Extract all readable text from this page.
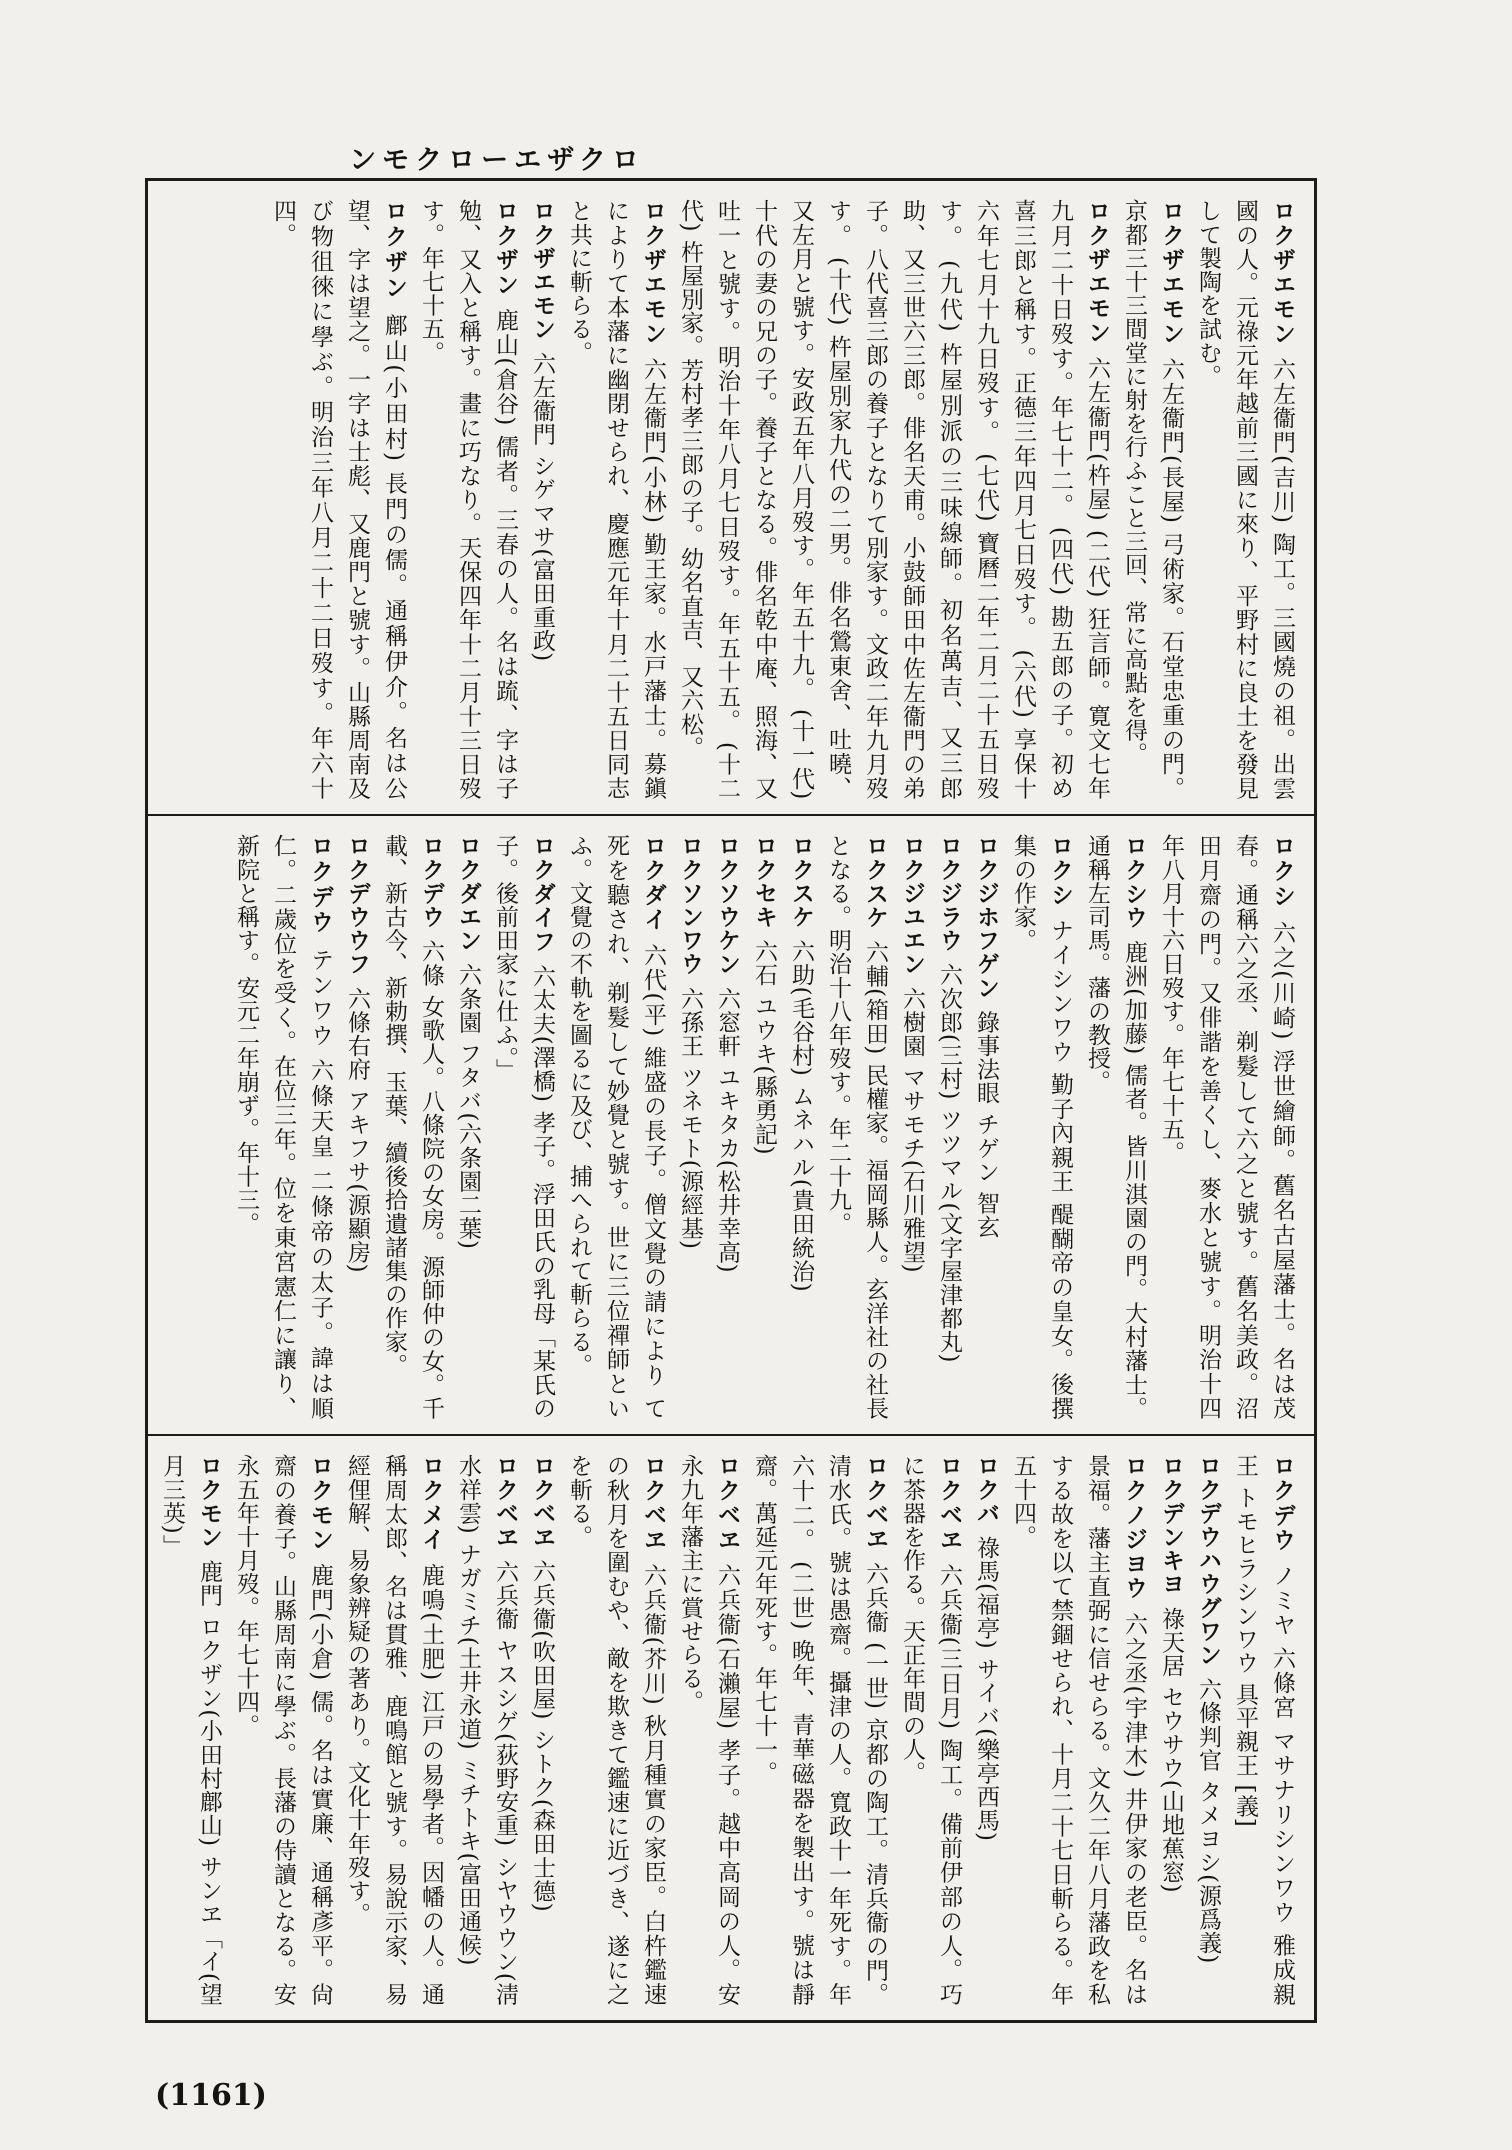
ロクザエーロクモン

ロクザエモン 六左衞門(吉川) 陶工。三國燒の祖。出雲國の人。元祿元年越前三國に來り、平野村に良土を發見して製陶を試む。

ロクザエモン 六左衞門(長屋) 弓術家。石堂忠重の門。京都三十三間堂に射を行ふこと三回、常に高點を得。

ロクザエモン 六左衞門(杵屋) (二代) 狂言師。寛文七年九月二十日歿す。年七十二。 (四代) 勘五郎の子。初め喜三郎と稱す。正德三年四月七日歿す。 (六代) 享保十六年七月十九日歿す。 (七代) 寶曆二年二月二十五日歿す。 (九代) 杵屋別派の三味線師。初名萬吉、又三郎助、又三世六三郎。俳名天甫。小鼓師田中佐左衞門の弟子。八代喜三郎の養子となりて別家す。文政二年九月歿す。 (十代) 杵屋別家九代の二男。俳名鶯東舍、吐曉、又左月と號す。安政五年八月歿す。年五十九。 (十一代) 十代の妻の兄の子。養子となる。俳名乾中庵、照海、又吐一と號す。明治十年八月七日歿す。年五十五。 (十二代) 杵屋別家。芳村孝三郎の子。幼名直吉、又六松。

ロクザエモン 六左衞門(小林) 勤王家。水戸藩士。募鎭によりて本藩に幽閉せられ、慶應元年十月二十五日同志と共に斬らる。

ロクザエモン 六左衞門 シゲマサ(富田重政)

ロクザン 鹿山(倉谷) 儒者。三春の人。名は䟽、字は子勉、又入と稱す。畫に巧なり。天保四年十二月十三日歿す。年七十五。

ロクザン 鄜山(小田村) 長門の儒。通稱伊介。名は公望、字は望之。一字は士彪、又鹿門と號す。山縣周南及び物徂徠に學ぶ。明治三年八月二十二日歿す。年六十四。

ロクシ 六之(川崎) 浮世繪師。舊名古屋藩士。名は茂春。通稱六之丞、剃髮して六之と號す。舊名美政。沼田月齋の門。又俳諧を善くし、麥水と號す。明治十四年八月十六日歿す。年七十五。

ロクシウ 鹿洲(加藤) 儒者。皆川淇園の門。大村藩士。通稱左司馬。藩の教授。

ロクシ ナイシンワウ 勤子內親王 醍醐帝の皇女。後撰集の作家。

ロクジホフゲン 錄事法眼 チゲン 智玄

ロクジラウ 六次郎(三村) ツツマル(文字屋津都丸)

ロクジユエン 六樹園 マサモチ(石川雅望)

ロクスケ 六輔(箱田) 民權家。福岡縣人。玄洋社の社長となる。明治十八年歿す。年二十九。

ロクスケ 六助(毛谷村) ムネハル(貴田統治)

ロクセキ 六石 ユウキ(縣勇記)

ロクソウケン 六窓軒 ユキタカ(松井幸高)

ロクソンワウ 六孫王 ツネモト(源經基)

ロクダイ 六代(平) 維盛の長子。僧文覺の請により て死を聽され、剃髮して妙覺と號す。世に三位禪師といふ。文覺の不軌を圖るに及び、捕へられて斬らる。

ロクダイフ 六太夫(澤橋) 孝子。浮田氏の乳母「某氏の子。後前田家に仕ふ。」

ロクダエン 六条園 フタバ(六条園二葉)

ロクデウ 六條 女歌人。八條院の女房。源師仲の女。千載、新古今、新勅撰、玉葉、續後拾遺諸集の作家。

ロクデウウフ 六條右府 アキフサ(源顯房)

ロクデウ テンワウ 六條天皇 二條帝の太子。諱は順仁。二歲位を受く。在位三年。位を東宮憲仁に讓り、新院と稱す。安元二年崩ず。年十三。

ロクデウ ノミヤ 六條宮 マサナリシンワウ 雅成親王 トモヒラシンワウ 具平親王 [義]

ロクデウハウグワン 六條判官 タメヨシ(源爲義)

ロクデンキヨ 祿天居 セウサウ(山地蕉窓)

ロクノジヨウ 六之丞(宇津木) 井伊家の老臣。名は景福。藩主直弼に信せらる。文久二年八月藩政を私する故を以て禁錮せられ、十月二十七日斬らる。年五十四。

ロクバ 祿馬(福亭) サイバ(樂亭西馬)

ロクベヱ 六兵衞(三日月) 陶工。備前伊部の人。巧に茶器を作る。天正年間の人。

ロクベヱ 六兵衞 (一世) 京都の陶工。清兵衞の門。清水氏。號は愚齋。攝津の人。寬政十一年死す。年六十二。 (二世) 晚年、青華磁器を製出す。號は靜齋。萬延元年死す。年七十一。

ロクベヱ 六兵衞(石瀨屋) 孝子。越中高岡の人。安永九年藩主に賞せらる。

ロクベヱ 六兵衞(芥川) 秋月種實の家臣。白杵鑑速の秋月を圍むや、敵を欺きて鑑速に近づき、遂に之を斬る。

ロクベヱ 六兵衞(吹田屋) シトク(森田士德)

ロクベヱ 六兵衞 ヤスシゲ(荻野安重) シヤウウン(淸水祥雲) ナガミチ(土井永道) ミチトキ(富田通候)

ロクメイ 鹿鳴(土肥) 江戸の易學者。因幡の人。通稱周太郎、名は貫雅、鹿鳴館と號す。易說示家、易經俚解、易象辨疑の著あり。文化十年歿す。

ロクモン 鹿門(小倉) 儒。名は實廉、通稱彥平。尙齋の養子。山縣周南に學ぶ。長藩の侍讀となる。安永五年十月歿。年七十四。

ロクモン 鹿門 ロクザン(小田村鄜山) サンヱ「イ(望月三英)」

(1161)
